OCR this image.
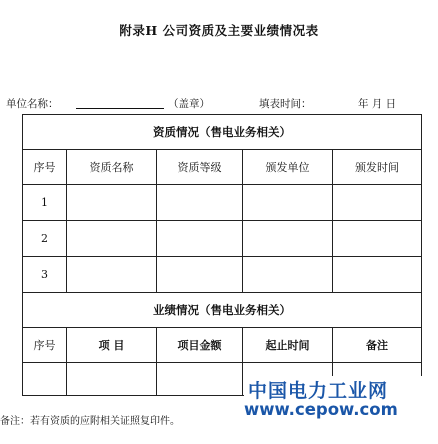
附录H 公司资质及主要业绩情况表
单位名称：	（盖章）	填表时间：	年 月 日
资质情况（售电业务相关）				
序号	资质名称	资质等级	颁发单位	颁发时间
1				
2				
3				
业绩情况（售电业务相关）				
序号	项 目	项目金额	起止时间	备注

中国电力工业网
www.cepow.com
备注：若有资质的应附相关证照复印件。
